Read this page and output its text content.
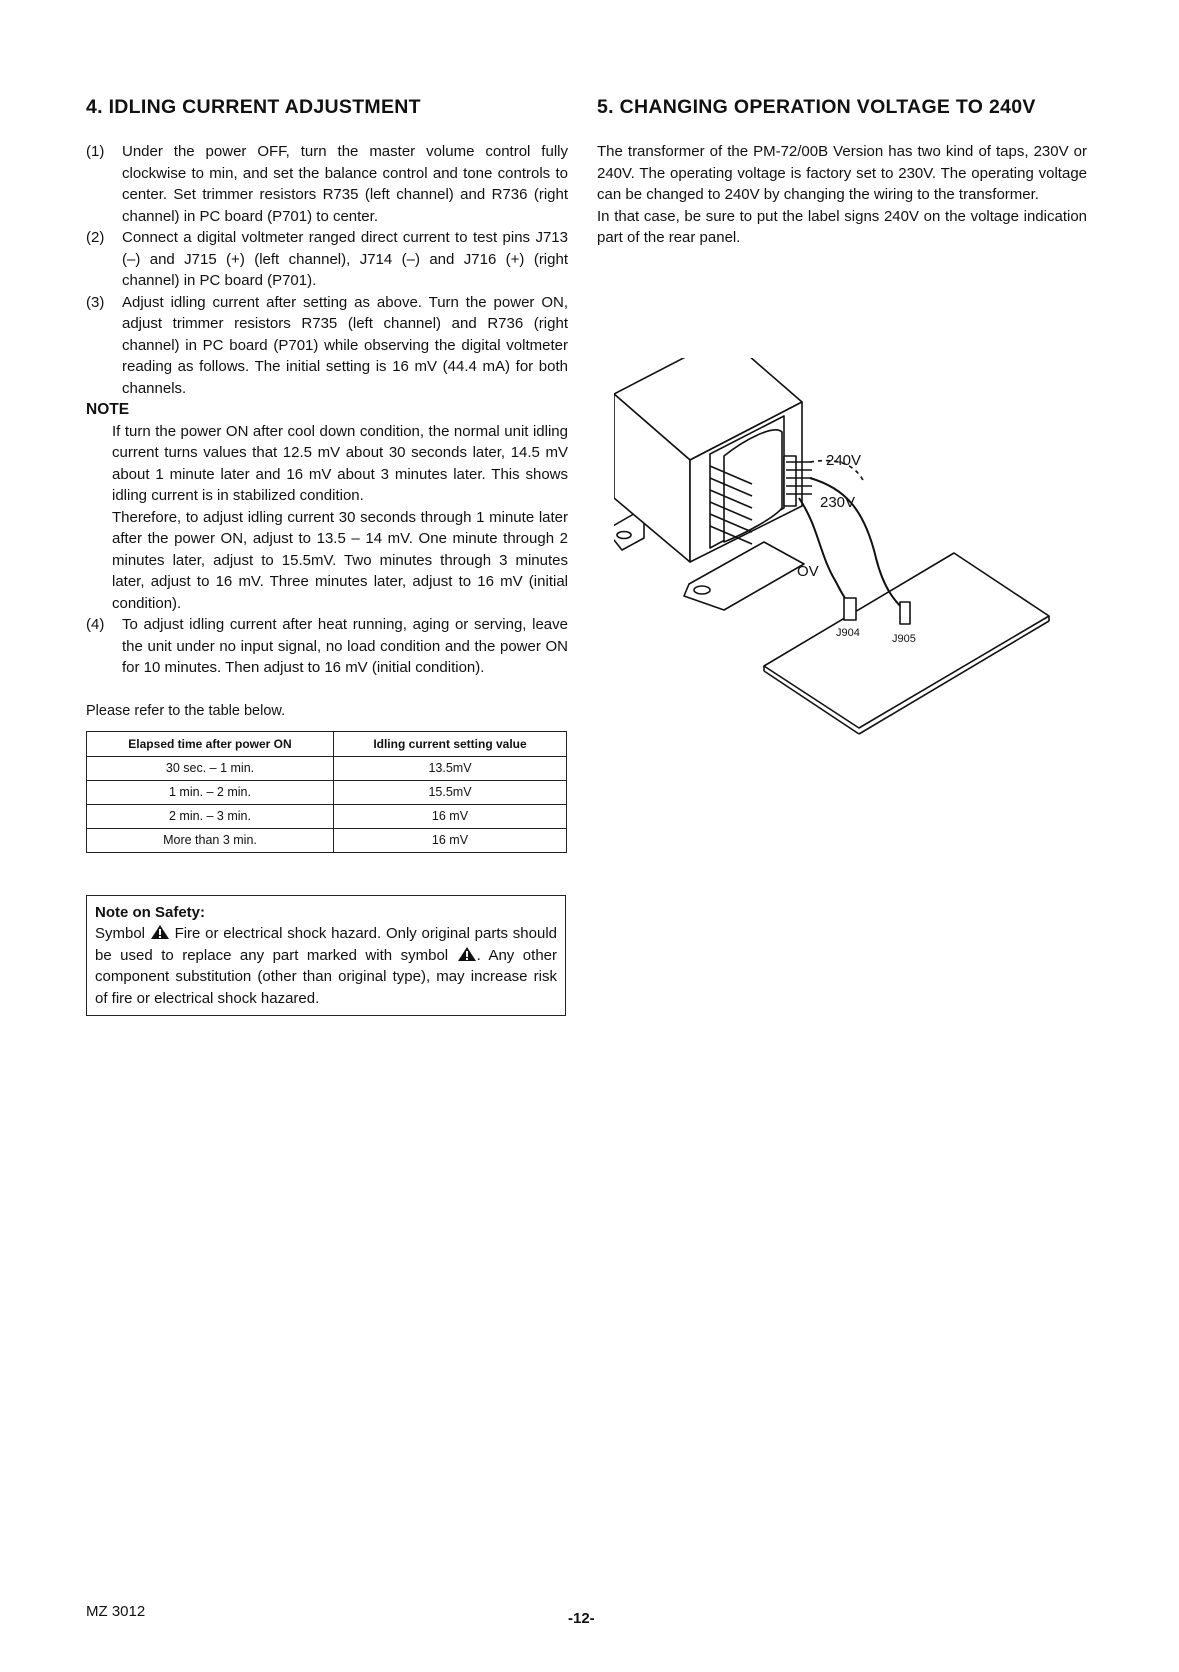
4. IDLING CURRENT ADJUSTMENT
(1) Under the power OFF, turn the master volume control fully clockwise to min, and set the balance control and tone controls to center. Set trimmer resistors R735 (left channel) and R736 (right channel) in PC board (P701) to center.
(2) Connect a digital voltmeter ranged direct current to test pins J713 (–) and J715 (+) (left channel), J714 (–) and J716 (+) (right channel) in PC board (P701).
(3) Adjust idling current after setting as above. Turn the power ON, adjust trimmer resistors R735 (left channel) and R736 (right channel) in PC board (P701) while observing the digital voltmeter reading as follows. The initial setting is 16 mV (44.4 mA) for both channels.
NOTE

If turn the power ON after cool down condition, the normal unit idling current turns values that 12.5 mV about 30 seconds later, 14.5 mV about 1 minute later and 16 mV about 3 minutes later. This shows idling current is in stabilized condition.

Therefore, to adjust idling current 30 seconds through 1 minute later after the power ON, adjust to 13.5 – 14 mV. One minute through 2 minutes later, adjust to 15.5mV. Two minutes through 3 minutes later, adjust to 16 mV. Three minutes later, adjust to 16 mV (initial condition).

(4) To adjust idling current after heat running, aging or serving, leave the unit under no input signal, no load condition and the power ON for 10 minutes. Then adjust to 16 mV (initial condition).
Please refer to the table below.
Elapsed time after power ON	Idling current setting value
30 sec. – 1 min.	13.5mV
1 min. – 2 min.	15.5mV
2 min. – 3 min.	16 mV
More than 3 min.	16 mV
Note on Safety:

Symbol Fire or electrical shock hazard. Only original parts should be used to replace any part marked with symbol . Any other component substitution (other than original type), may increase risk of fire or electrical shock hazared.

5. CHANGING OPERATION VOLTAGE TO 240V
The transformer of the PM-72/00B Version has two kind of taps, 230V or 240V. The operating voltage is factory set to 230V. The operating voltage can be changed to 240V by changing the wiring to the transformer.
In that case, be sure to put the label signs 240V on the voltage indication part of the rear panel.
240V
230V
OV
J904	J905
MZ 3012	-12-
